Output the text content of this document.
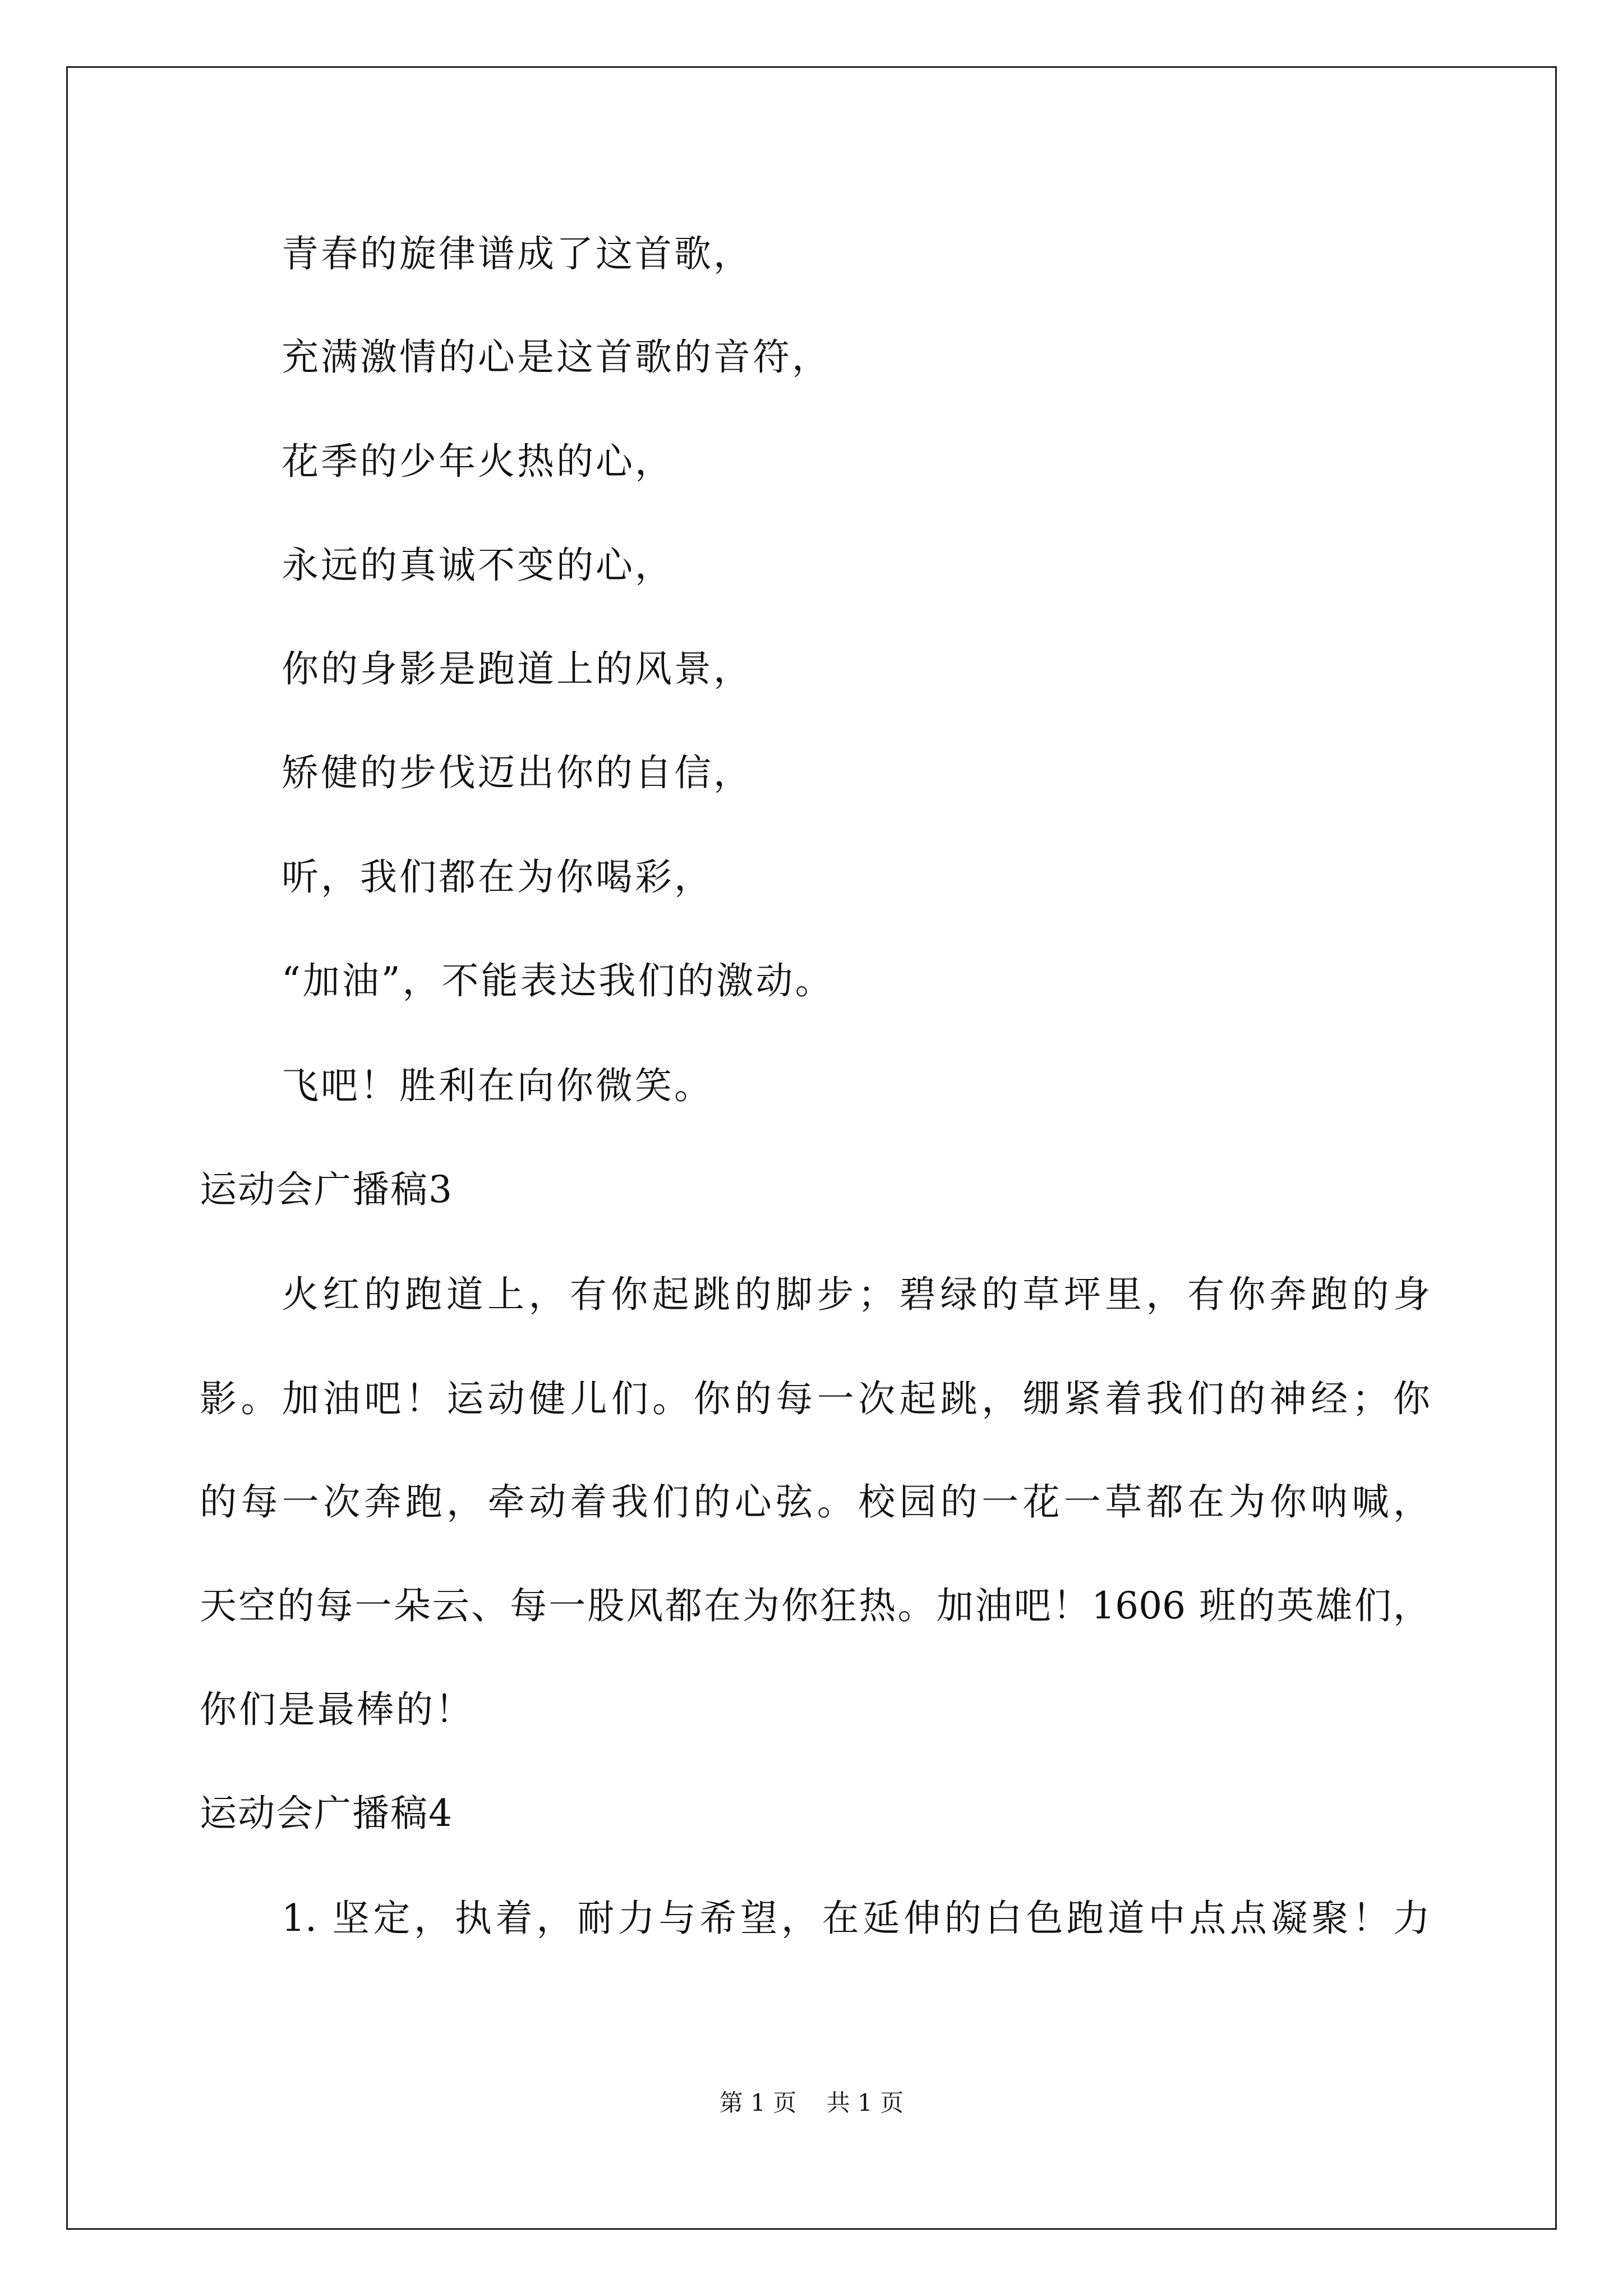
青春的旋律谱成了这首歌，
充满激情的心是这首歌的音符，
花季的少年火热的心，
永远的真诚不变的心，
你的身影是跑道上的风景，
矫健的步伐迈出你的自信，
听，我们都在为你喝彩，
“加油”，不能表达我们的激动。
飞吧！胜利在向你微笑。
运动会广播稿3
火红的跑道上，有你起跳的脚步；碧绿的草坪里，有你奔跑的身
影。加油吧！运动健儿们。你的每一次起跳，绷紧着我们的神经；你
的每一次奔跑，牵动着我们的心弦。校园的一花一草都在为你呐喊，
天空的每一朵云、每一股风都在为你狂热。加油吧！1606 班的英雄们，
你们是最棒的！
运动会广播稿4
1. 坚定，执着，耐力与希望，在延伸的白色跑道中点点凝聚！力
第 1 页    共 1 页
